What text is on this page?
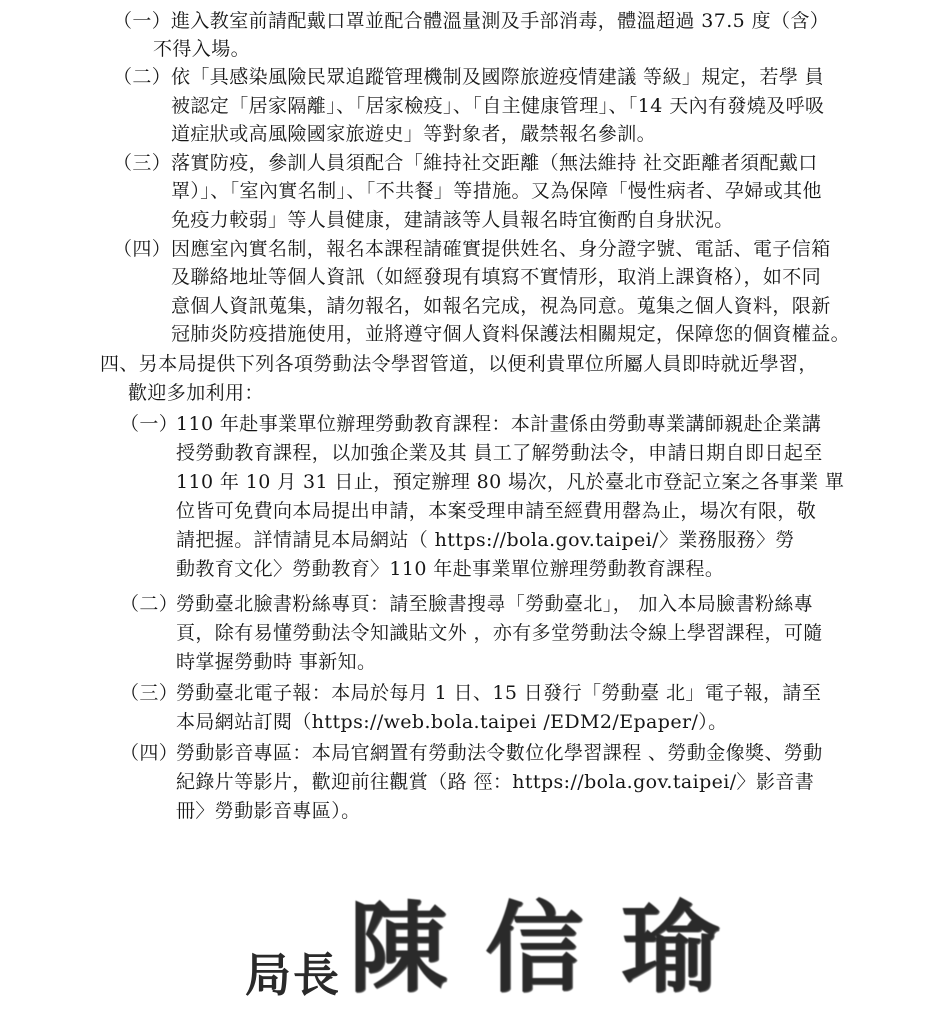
（一） 進入教室前請配戴口罩並配合體溫量測及手部消毒，體溫超過 37.5 度（含）
不得入場。
（二） 依「具感染風險民眾追蹤管理機制及國際旅遊疫情建議 等級」規定，若學 員
被認定「居家隔離」、「居家檢疫」、「自主健康管理」、「14 天內有發燒及呼吸
道症狀或高風險國家旅遊史」等對象者，嚴禁報名參訓。
（三） 落實防疫，參訓人員須配合「維持社交距離（無法維持 社交距離者須配戴口
罩）」、「室內實名制」、「不共餐」等措施。又為保障「慢性病者、孕婦或其他
免疫力較弱」等人員健康，建請該等人員報名時宜衡酌自身狀況。
（四） 因應室內實名制，報名本課程請確實提供姓名、身分證字號、電話、電子信箱
及聯絡地址等個人資訊（如經發現有填寫不實情形，取消上課資格），如不同
意個人資訊蒐集，請勿報名，如報名完成，視為同意。蒐集之個人資料，限新
冠肺炎防疫措施使用，並將遵守個人資料保護法相關規定，保障您的個資權益。
四、另本局提供下列各項勞動法令學習管道，以便利貴單位所屬人員即時就近學習，
歡迎多加利用：
（一）
110 年赴事業單位辦理勞動教育課程：本計畫係由勞動專業講師親赴企業講
授勞動教育課程，以加強企業及其 員工了解勞動法令，申請日期自即日起至
110 年 10 月 31 日止，預定辦理 80 場次，凡於臺北市登記立案之各事業 單
位皆可免費向本局提出申請，本案受理申請至經費用罄為止，場次有限，敬
請把握。詳情請見本局網站（ https://bola.gov.taipei/〉業務服務〉勞
動教育文化〉勞動教育〉110 年赴事業單位辦理勞動教育課程。
（二）
勞動臺北臉書粉絲專頁：請至臉書搜尋「勞動臺北」， 加入本局臉書粉絲專
頁，除有易懂勞動法令知識貼文外 ，亦有多堂勞動法令線上學習課程，可隨
時掌握勞動時 事新知。
（三）
勞動臺北電子報：本局於每月 1 日、15 日發行「勞動臺 北」電子報，請至
本局網站訂閱（https://web.bola.taipei /EDM2/Epaper/）。
（四）
勞動影音專區：本局官網置有勞動法令數位化學習課程 、勞動金像獎、勞動
紀錄片等影片，歡迎前往觀賞（路 徑：https://bola.gov.taipei/〉影音書
冊〉勞動影音專區）。
局長 陳信瑜
